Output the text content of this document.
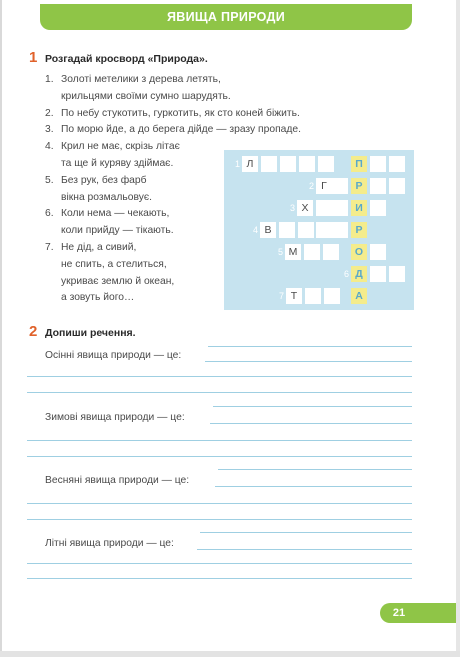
ЯВИЩА ПРИРОДИ
1 Розгадай кросворд «Природа».
1. Золоті метелики з дерева летять,
крильцями своїми сумно шарудять.
2. По небу стукотить, гуркотить, як сто коней біжить.
3. По морю йде, а до берега дійде — зразу пропаде.
4. Крил не має, скрізь літає
та ще й куряву здіймає.
5. Без рук, без фарб
вікна розмальовує.
6. Коли нема — чекають,
коли прийду — тікають.
7. Не дід, а сивий,
не спить, а стелиться,
укриває землю й океан,
а зовуть його…
1 Л	П
2 Г	Р
3 Х	И
4 В	Р
5 М	О
6 Д
7 Т	А
2 Допиши речення.
Осінні явища природи — це:
Зимові явища природи — це:
Весняні явища природи — це:
Літні явища природи — це:
21
